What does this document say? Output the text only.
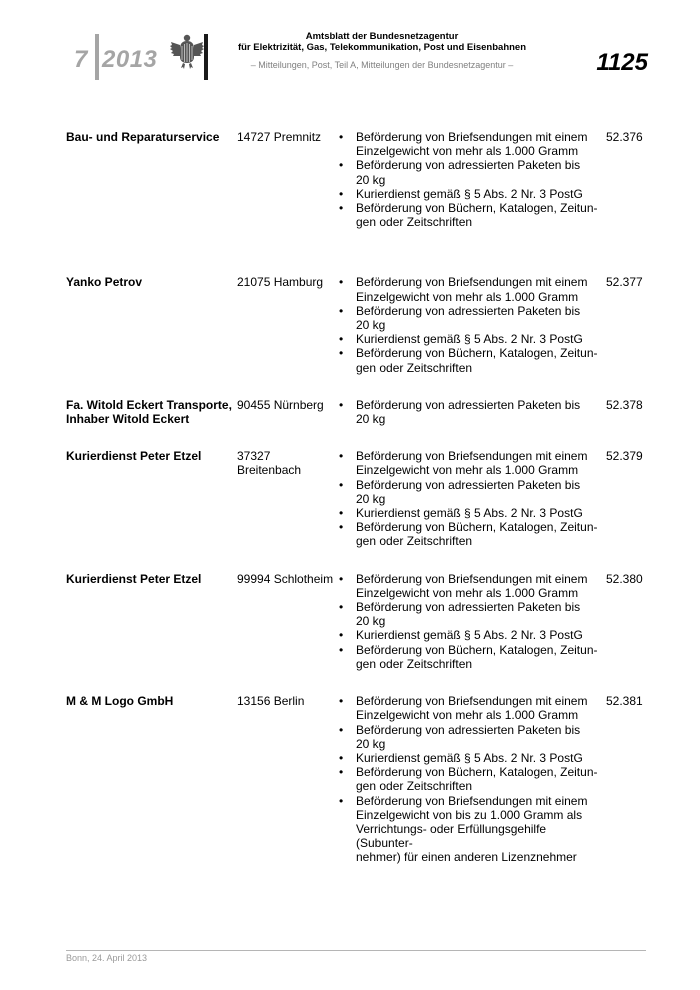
7 2013
Amtsblatt der Bundesnetzagentur
für Elektrizität, Gas, Telekommunikation, Post und Eisenbahnen
– Mitteilungen, Post, Teil A, Mitteilungen der Bundesnetzagentur –	1125
Bau- und Reparaturservice	14727 Premnitz	52.376
• Beförderung von Briefsendungen mit einem
Einzelgewicht von mehr als 1.000 Gramm
• Beförderung von adressierten Paketen bis
20 kg
• Kurierdienst gemäß § 5 Abs. 2 Nr. 3 PostG
• Beförderung von Büchern, Katalogen, Zeitun-
gen oder Zeitschriften
Yanko Petrov	21075 Hamburg	52.377
• Beförderung von Briefsendungen mit einem
Einzelgewicht von mehr als 1.000 Gramm
• Beförderung von adressierten Paketen bis
20 kg
• Kurierdienst gemäß § 5 Abs. 2 Nr. 3 PostG
• Beförderung von Büchern, Katalogen, Zeitun-
gen oder Zeitschriften
Fa. Witold Eckert Transporte,
Inhaber Witold Eckert
90455 Nürnberg	52.378
• Beförderung von adressierten Paketen bis
20 kg
Kurierdienst Peter Etzel	37327
Breitenbach
52.379
• Beförderung von Briefsendungen mit einem
Einzelgewicht von mehr als 1.000 Gramm
• Beförderung von adressierten Paketen bis
20 kg
• Kurierdienst gemäß § 5 Abs. 2 Nr. 3 PostG
• Beförderung von Büchern, Katalogen, Zeitun-
gen oder Zeitschriften
Kurierdienst Peter Etzel	99994 Schlotheim	52.380
• Beförderung von Briefsendungen mit einem
Einzelgewicht von mehr als 1.000 Gramm
• Beförderung von adressierten Paketen bis
20 kg
• Kurierdienst gemäß § 5 Abs. 2 Nr. 3 PostG
• Beförderung von Büchern, Katalogen, Zeitun-
gen oder Zeitschriften
M & M Logo GmbH	13156 Berlin	52.381
• Beförderung von Briefsendungen mit einem
Einzelgewicht von mehr als 1.000 Gramm
• Beförderung von adressierten Paketen bis
20 kg
• Kurierdienst gemäß § 5 Abs. 2 Nr. 3 PostG
• Beförderung von Büchern, Katalogen, Zeitun-
gen oder Zeitschriften
• Beförderung von Briefsendungen mit einem
Einzelgewicht von bis zu 1.000 Gramm als
Verrichtungs- oder Erfüllungsgehilfe (Subunter-
nehmer) für einen anderen Lizenznehmer
Bonn, 24. April 2013
